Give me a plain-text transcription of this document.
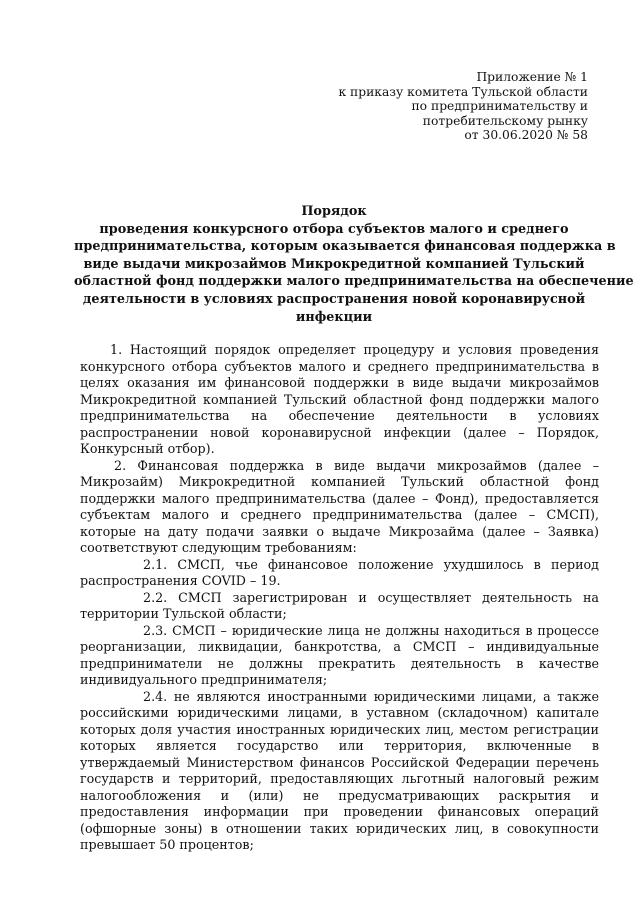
Приложение № 1
к приказу комитета Тульской области
по предпринимательству и
потребительскому рынку
от 30.06.2020 № 58
Порядок
проведения конкурсного отбора субъектов малого и среднего
предпринимательства, которым оказывается финансовая поддержка в
виде выдачи микрозаймов Микрокредитной компанией Тульский
областной фонд поддержки малого предпринимательства на обеспечение
деятельности в условиях распространения новой коронавирусной
инфекции
1. Настоящий порядок определяет процедуру и условия проведения конкурсного отбора субъектов малого и среднего предпринимательства в целях оказания им финансовой поддержки в виде выдачи микрозаймов Микрокредитной компанией Тульский областной фонд поддержки малого предпринимательства на обеспечение деятельности в условиях распространении новой коронавирусной инфекции (далее – Порядок, Конкурсный отбор).
2. Финансовая поддержка в виде выдачи микрозаймов (далее – Микрозайм) Микрокредитной компанией Тульский областной фонд поддержки малого предпринимательства (далее – Фонд), предоставляется субъектам малого и среднего предпринимательства (далее – СМСП), которые на дату подачи заявки о выдаче Микрозайма (далее – Заявка) соответствуют следующим требованиям:
2.1. СМСП, чье финансовое положение ухудшилось в период распространения COVID – 19.
2.2. СМСП зарегистрирован и осуществляет деятельность на территории Тульской области;
2.3. СМСП – юридические лица не должны находиться в процессе реорганизации, ликвидации, банкротства, а СМСП – индивидуальные предприниматели не должны прекратить деятельность в качестве индивидуального предпринимателя;
2.4. не являются иностранными юридическими лицами, а также российскими юридическими лицами, в уставном (складочном) капитале которых доля участия иностранных юридических лиц, местом регистрации которых является государство или территория, включенные в утверждаемый Министерством финансов Российской Федерации перечень государств и территорий, предоставляющих льготный налоговый режим налогообложения и (или) не предусматривающих раскрытия и предоставления информации при проведении финансовых операций (офшорные зоны) в отношении таких юридических лиц, в совокупности превышает 50 процентов;
